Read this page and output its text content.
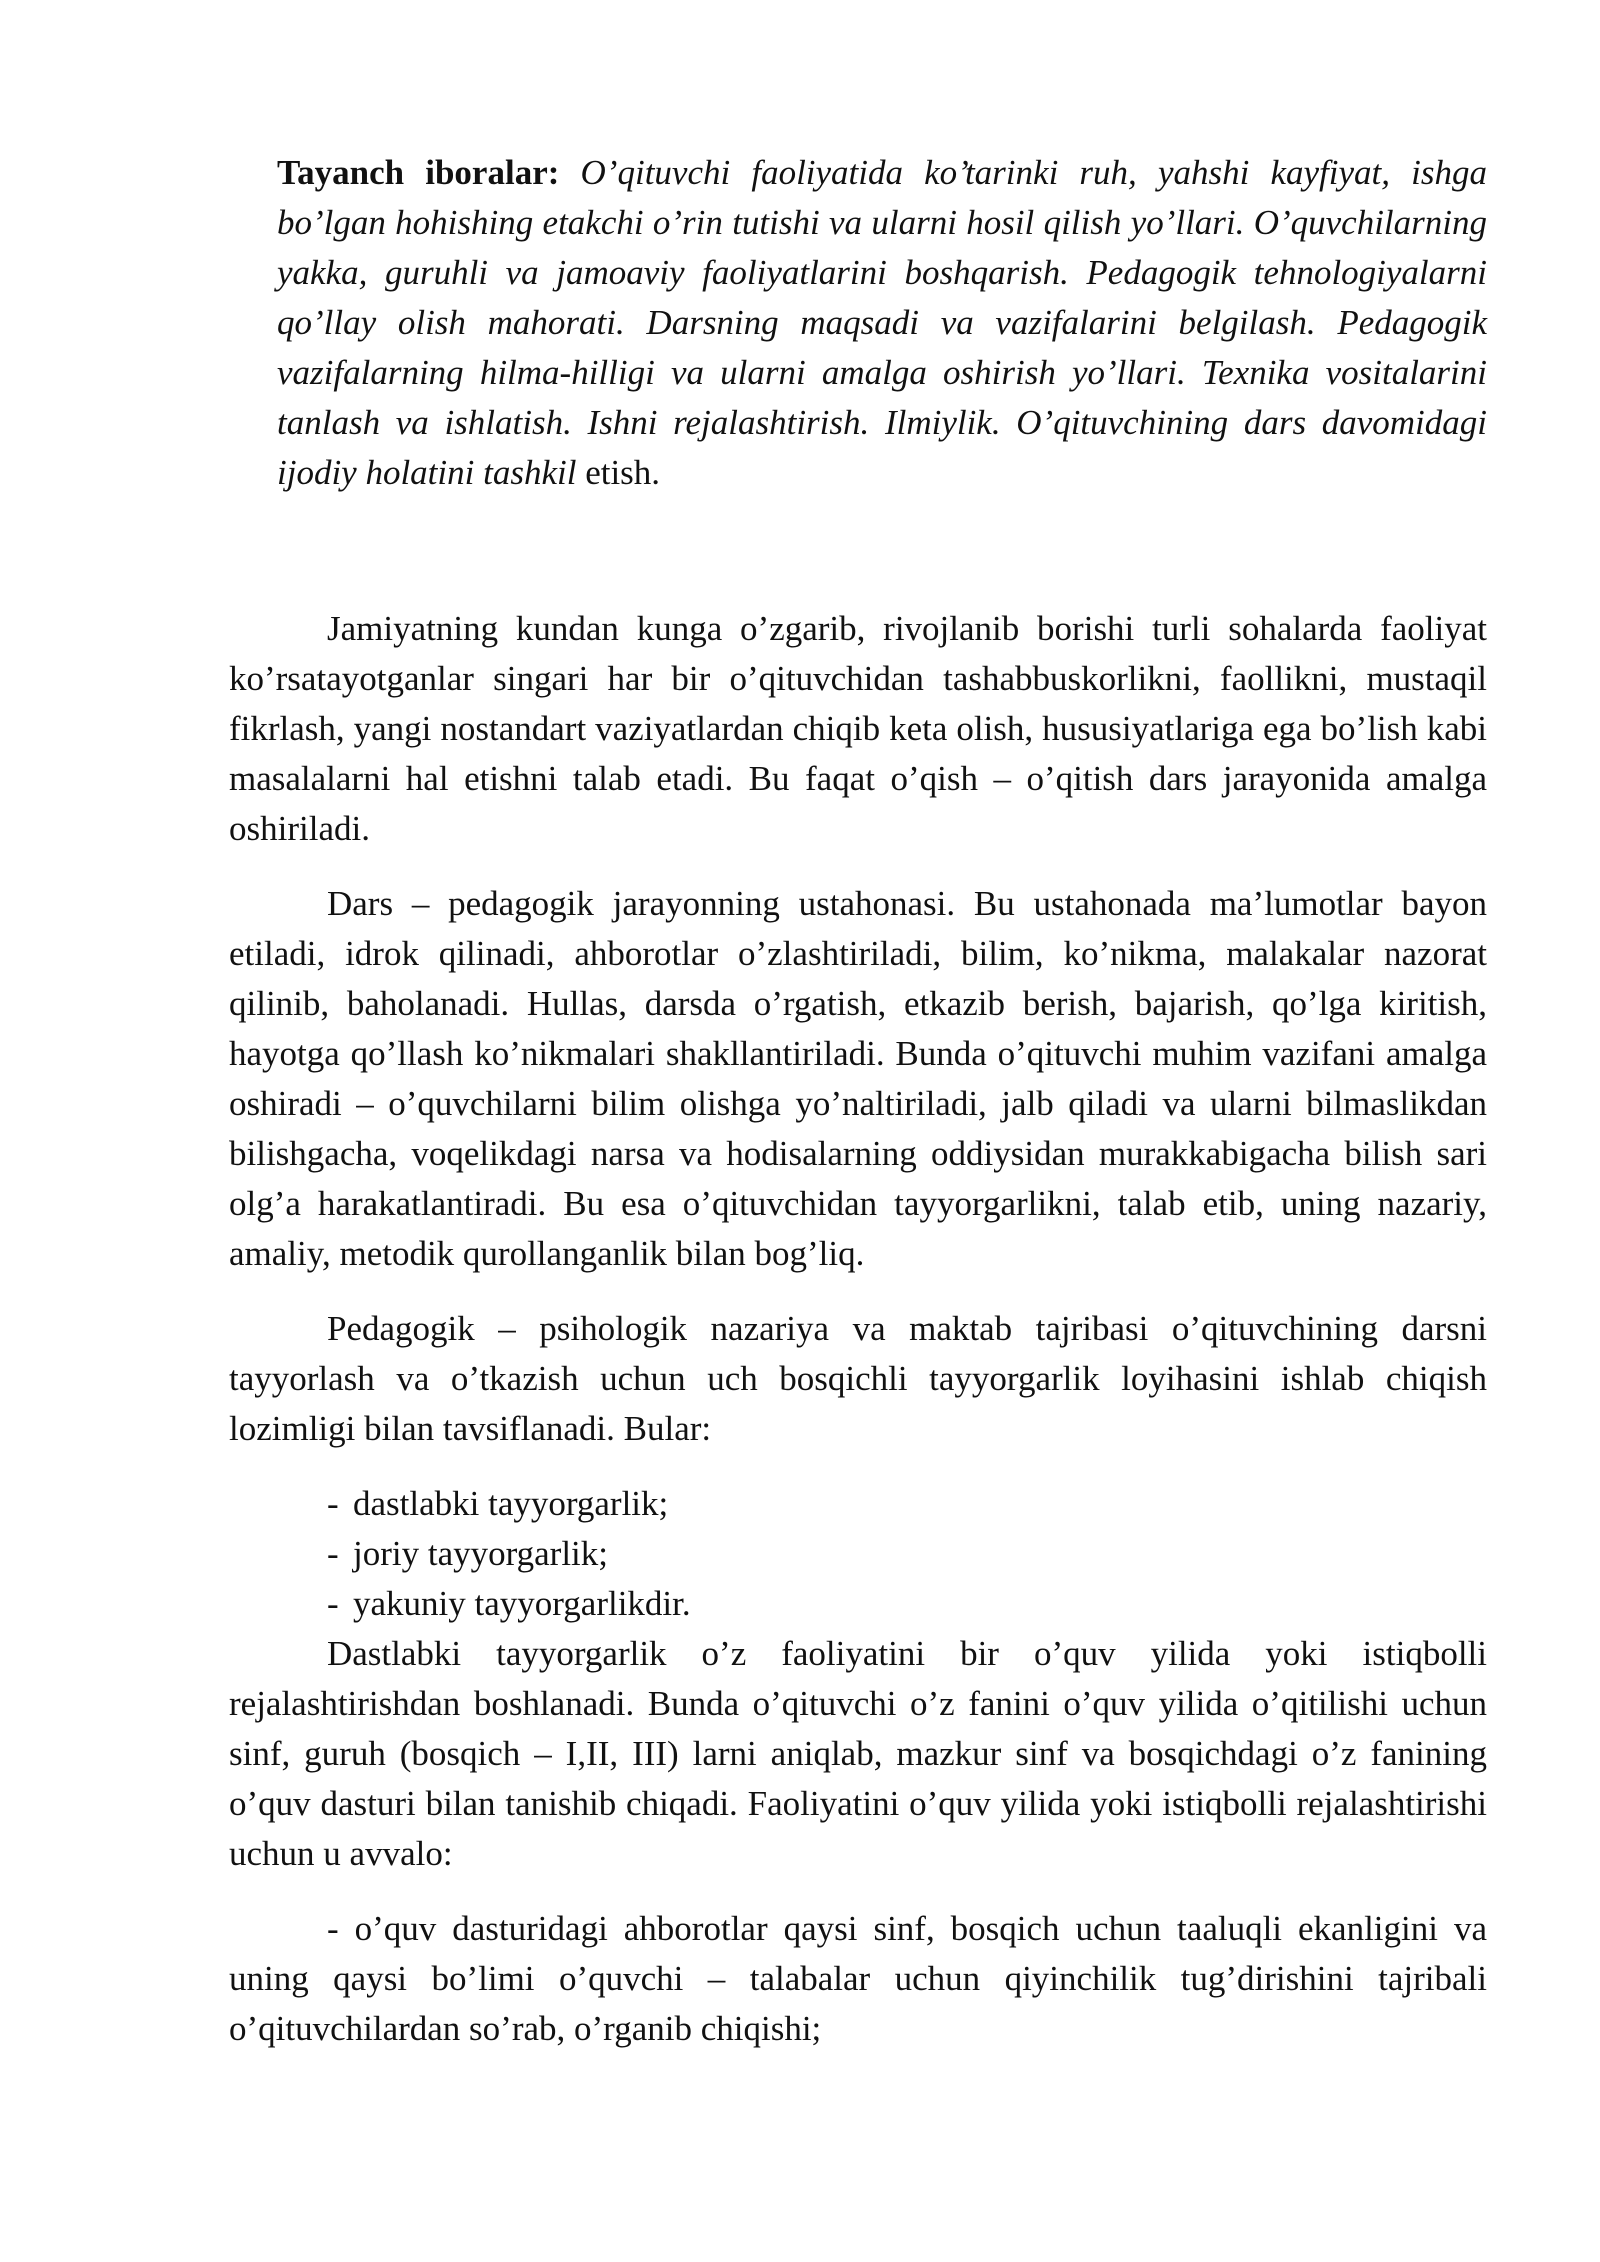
Tayanch iboralar: O’qituvchi faoliyatida ko’tarinki ruh, yahshi kayfiyat, ishga bo’lgan hohishing etakchi o’rin tutishi va ularni hosil qilish yo’llari. O’quvchilarning yakka, guruhli va jamoaviy faoliyatlarini boshqarish. Pedagogik tehnologiyalarni qo’llay olish mahorati. Darsning maqsadi va vazifalarini belgilash. Pedagogik vazifalarning hilma-hilligi va ularni amalga oshirish yo’llari. Texnika vositalarini tanlash va ishlatish. Ishni rejalashtirish. Ilmiylik. O’qituvchining dars davomidagi ijodiy holatini tashkil etish.

Jamiyatning kundan kunga o’zgarib, rivojlanib borishi turli sohalarda faoliyat ko’rsatayotganlar singari har bir o’qituvchidan tashabbuskorlikni, faollikni, mustaqil fikrlash, yangi nostandart vaziyatlardan chiqib keta olish, hususiyatlariga ega bo’lish kabi masalalarni hal etishni talab etadi. Bu faqat o’qish – o’qitish dars jarayonida amalga oshiriladi.

Dars – pedagogik jarayonning ustahonasi. Bu ustahonada ma’lumotlar bayon etiladi, idrok qilinadi, ahborotlar o’zlashtiriladi, bilim, ko’nikma, malakalar nazorat qilinib, baholanadi. Hullas, darsda o’rgatish, etkazib berish, bajarish, qo’lga kiritish, hayotga qo’llash ko’nikmalari shakllantiriladi. Bunda o’qituvchi muhim vazifani amalga oshiradi – o’quvchilarni bilim olishga yo’naltiriladi, jalb qiladi va ularni bilmaslikdan bilishgacha, voqelikdagi narsa va hodisalarning oddiysidan murakkabigacha bilish sari olg’a harakatlantiradi. Bu esa o’qituvchidan tayyorgarlikni, talab etib, uning nazariy, amaliy, metodik qurollanganlik bilan bog’liq.

Pedagogik – psihologik nazariya va maktab tajribasi o’qituvchining darsni tayyorlash va o’tkazish uchun uch bosqichli tayyorgarlik loyihasini ishlab chiqish lozimligi bilan tavsiflanadi. Bular:

- dastlabki tayyorgarlik;
- joriy tayyorgarlik;
- yakuniy tayyorgarlikdir.

Dastlabki tayyorgarlik o’z faoliyatini bir o’quv yilida yoki istiqbolli rejalashtirishdan boshlanadi. Bunda o’qituvchi o’z fanini o’quv yilida o’qitilishi uchun sinf, guruh (bosqich – I,II, III) larni aniqlab, mazkur sinf va bosqichdagi o’z fanining o’quv dasturi bilan tanishib chiqadi. Faoliyatini o’quv yilida yoki istiqbolli rejalashtirishi uchun u avvalo:

- o’quv dasturidagi ahborotlar qaysi sinf, bosqich uchun taaluqli ekanligini va uning qaysi bo’limi o’quvchi – talabalar uchun qiyinchilik tug’dirishini tajribali o’qituvchilardan so’rab, o’rganib chiqishi;
